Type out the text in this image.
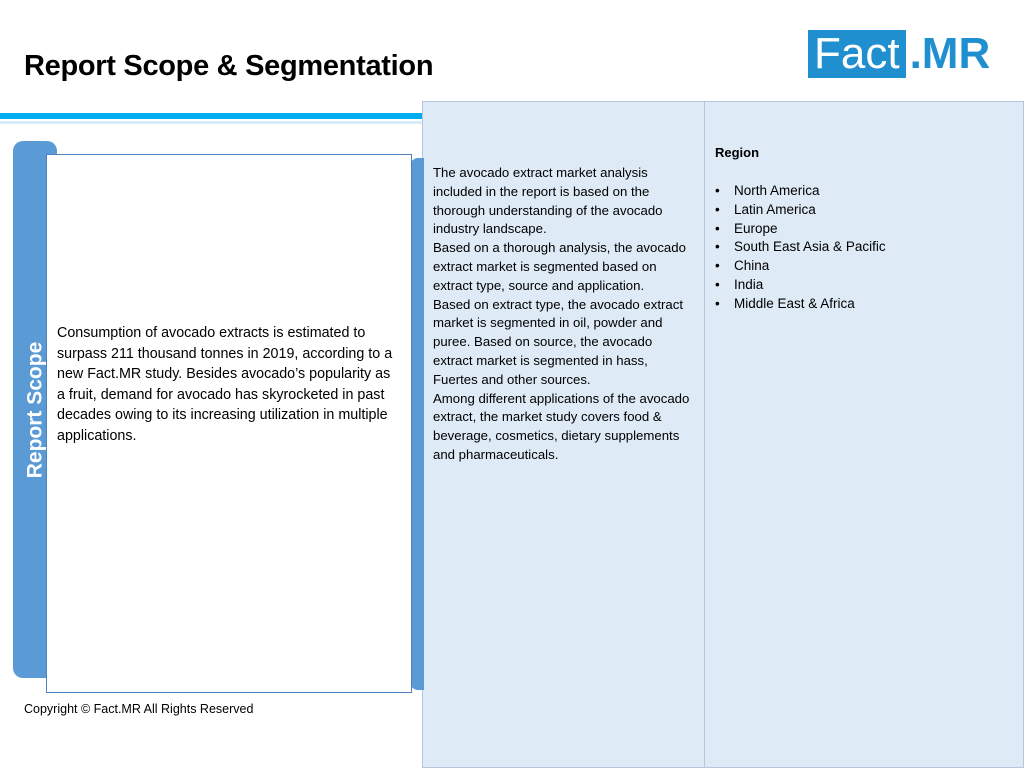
Report Scope & Segmentation	Fact .MR
Report Scope
Consumption of avocado extracts is estimated to surpass 211 thousand tonnes in 2019, according to a new Fact.MR study. Besides avocado’s popularity as a fruit, demand for avocado has skyrocketed in past decades owing to its increasing utilization in multiple applications.

The avocado extract market analysis included in the report is based on the thorough understanding of the avocado industry landscape.

Based on a thorough analysis, the avocado extract market is segmented based on extract type, source and application.

Based on extract type, the avocado extract market is segmented in oil, powder and puree. Based on source, the avocado extract market is segmented in hass, Fuertes and other sources.

Among different applications of the avocado extract, the market study covers food & beverage, cosmetics, dietary supplements and pharmaceuticals.

Region
• North America
• Latin America
• Europe
• South East Asia & Pacific
• China
• India
• Middle East & Africa
Copyright © Fact.MR All Rights Reserved
